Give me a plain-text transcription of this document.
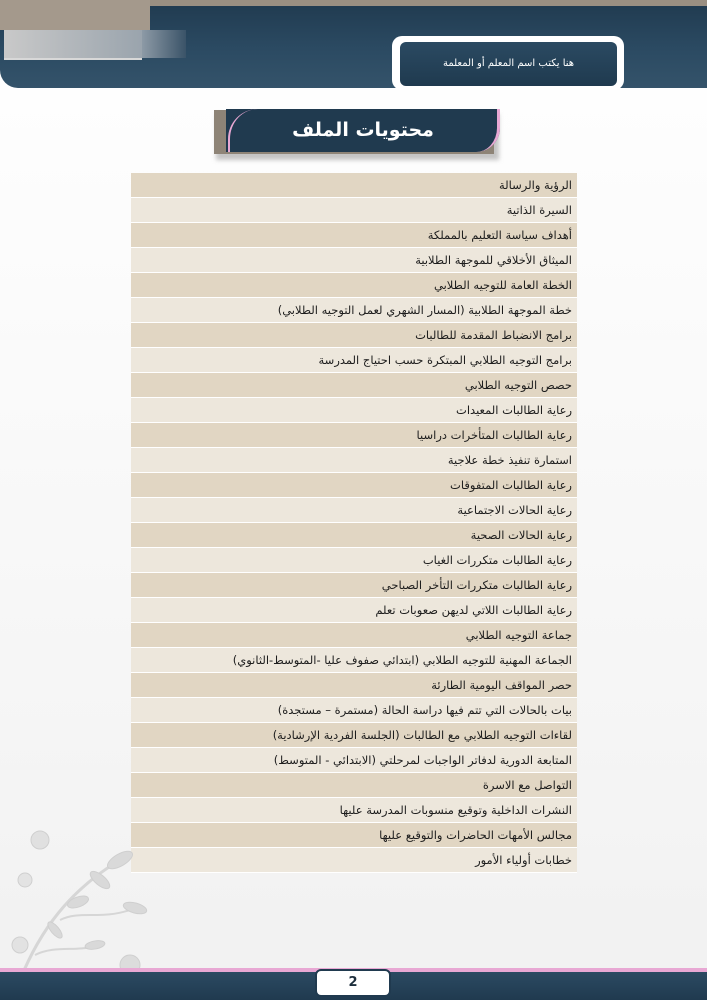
هنا يكتب اسم المعلم أو المعلمة
محتويات الملف
الرؤية والرسالة
السيرة الذاتية
أهداف سياسة التعليم بالمملكة
الميثاق الأخلاقي للموجهة الطلابية
الخطة العامة للتوجيه الطلابي
خطة الموجهة الطلابية (المسار الشهري لعمل التوجيه الطلابي)
برامج الانضباط المقدمة للطالبات
برامج التوجيه الطلابي المبتكرة حسب احتياج المدرسة
حصص التوجيه الطلابي
رعاية الطالبات المعيدات
رعاية الطالبات المتأخرات دراسيا
استمارة تنفيذ خطة علاجية
رعاية الطالبات المتفوقات
رعاية الحالات الاجتماعية
رعاية الحالات الصحية
رعاية الطالبات متكررات الغياب
رعاية الطالبات متكررات التأخر الصباحي
رعاية الطالبات اللاتي لديهن صعوبات تعلم
جماعة التوجيه الطلابي
الجماعة المهنية للتوجيه الطلابي (ابتدائي صفوف عليا -المتوسط-الثانوي)
حصر المواقف اليومية الطارئة
بيات بالحالات التي تتم فيها دراسة الحالة (مستمرة – مستجدة)
لقاءات التوجيه الطلابي مع الطالبات (الجلسة الفردية الإرشادية)
المتابعة الدورية لدفاتر الواجبات لمرحلتي (الابتدائي - المتوسط)
التواصل مع الاسرة
النشرات الداخلية وتوقيع منسوبات المدرسة عليها
مجالس الأمهات الحاضرات والتوقيع عليها
خطابات أولياء الأمور
2
